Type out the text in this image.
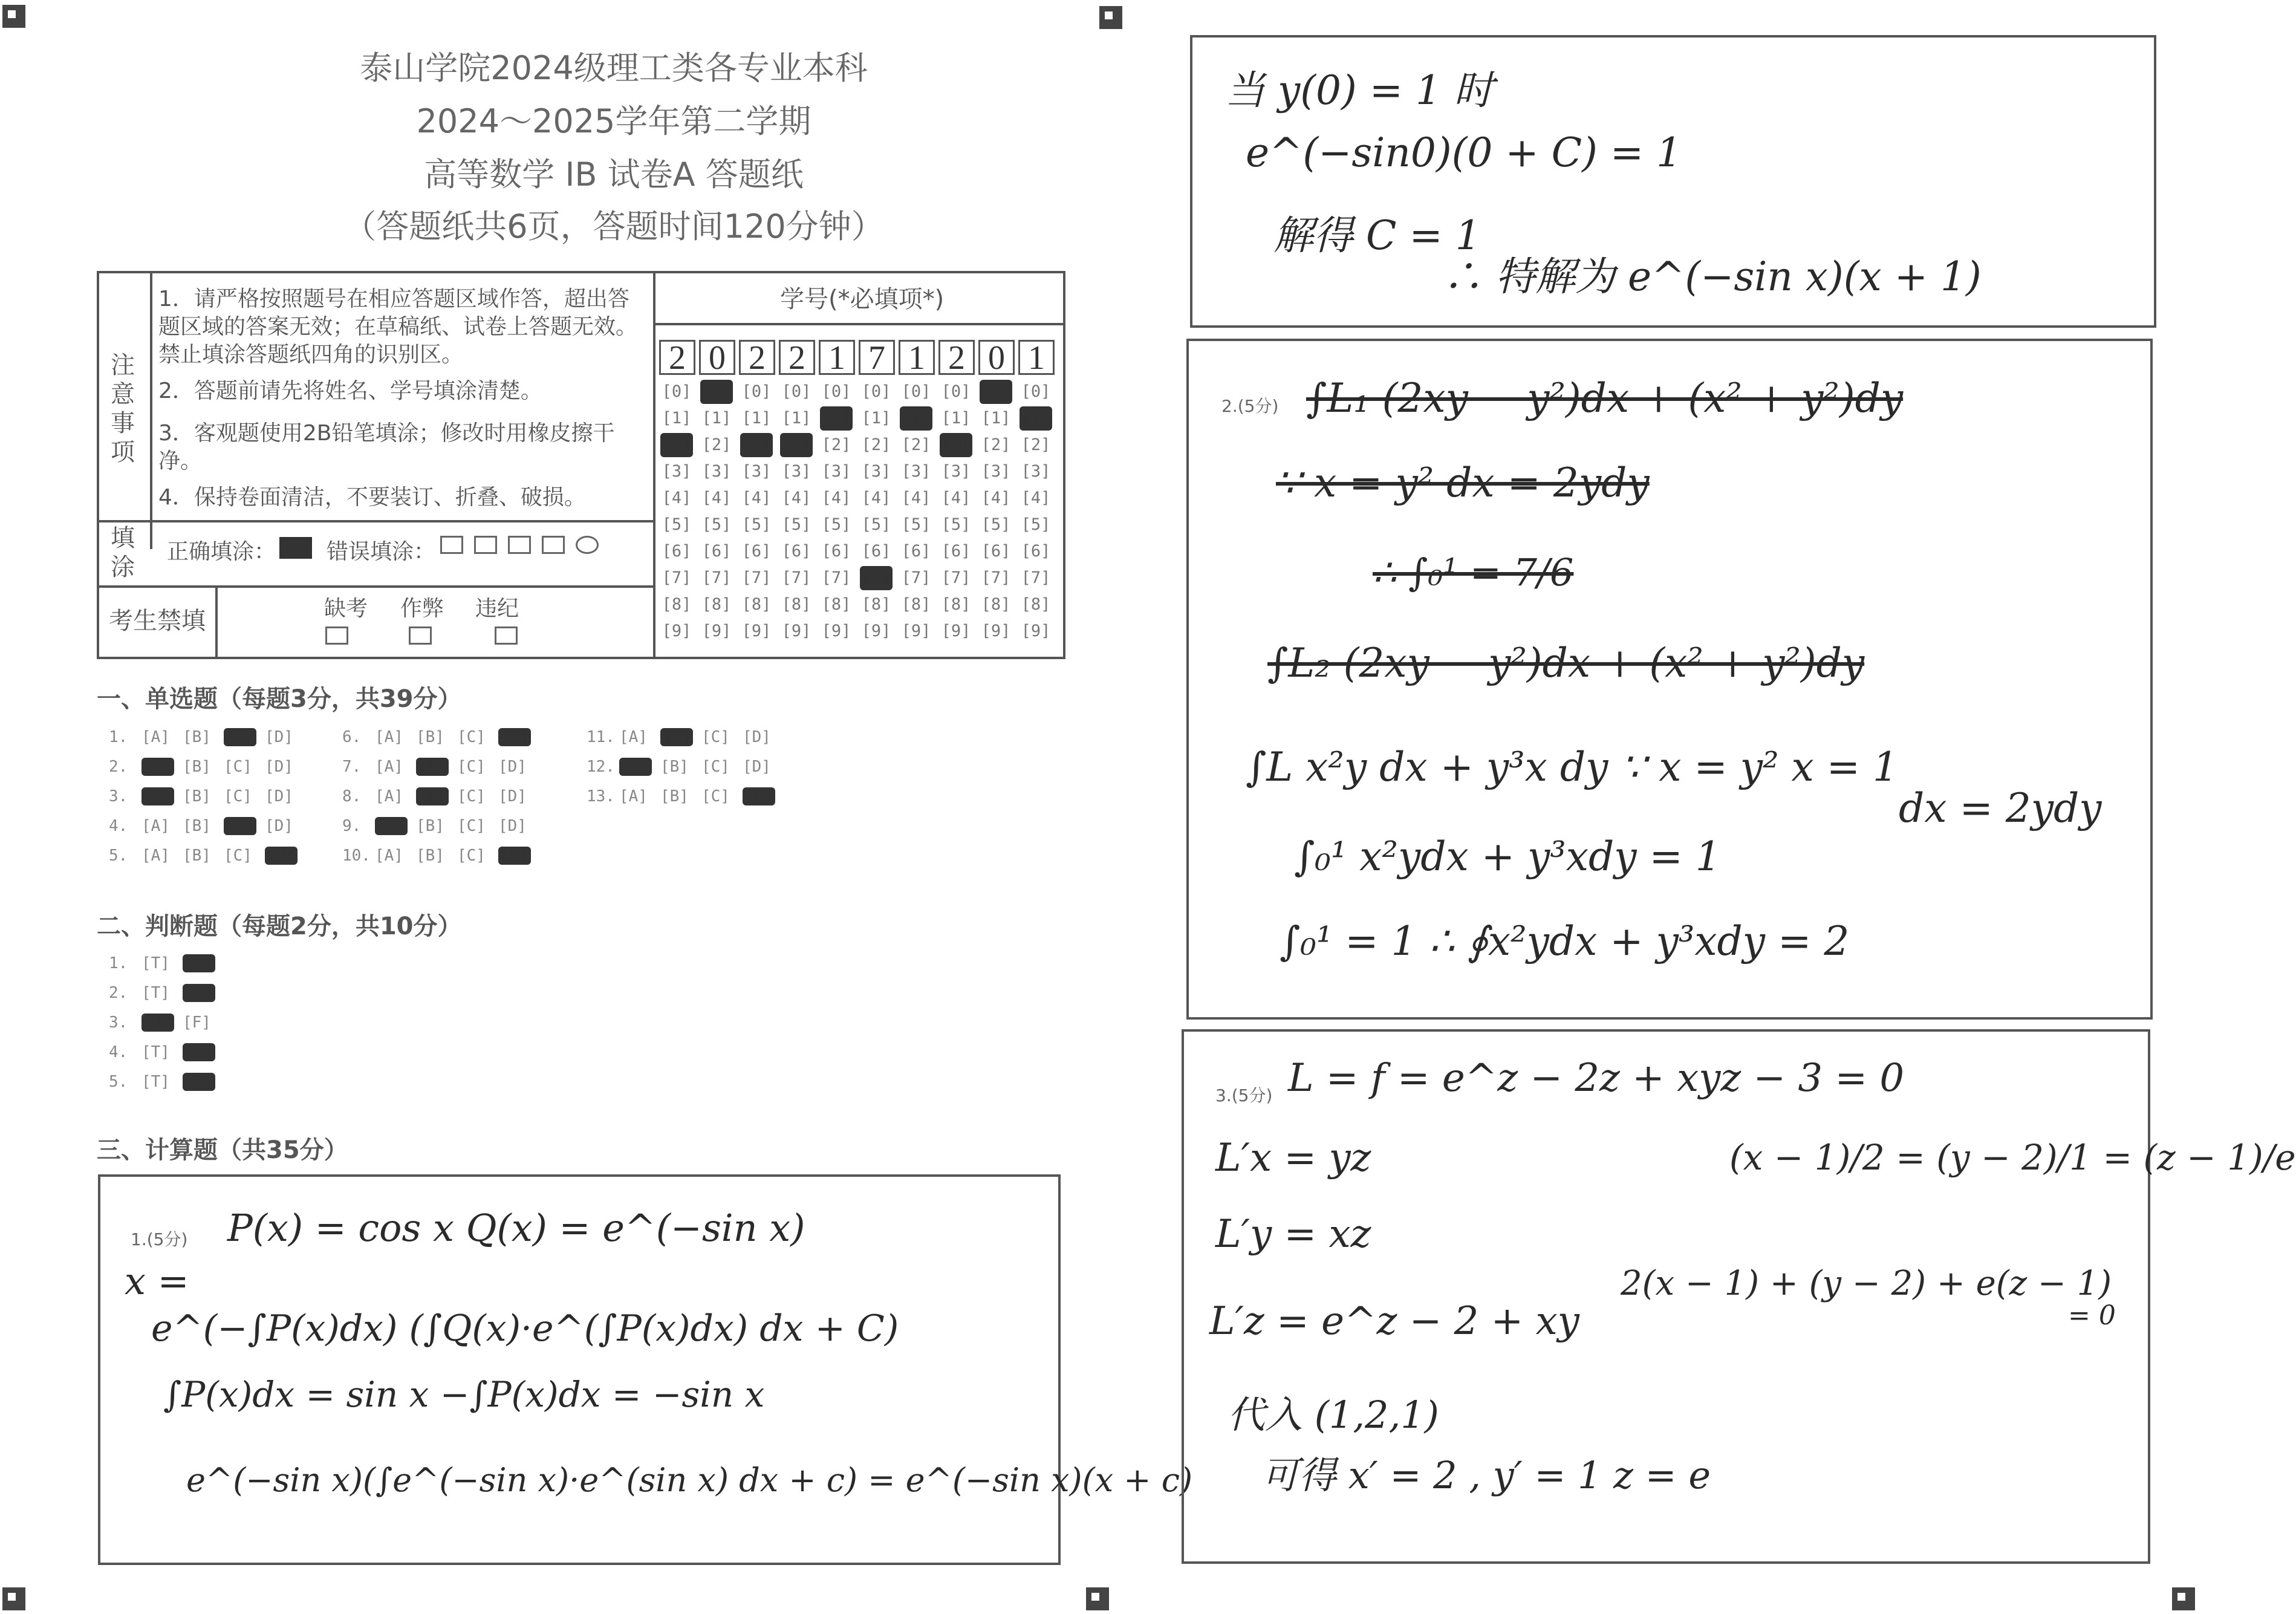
泰山学院2024级理工类各专业本科
2024～2025学年第二学期
高等数学 IB 试卷A 答题纸
（答题纸共6页，答题时间120分钟）
注意事项
1．请严格按照题号在相应答题区域作答，超出答题区域的答案无效；在草稿纸、试卷上答题无效。禁止填涂答题纸四角的识别区。
2．答题前请先将姓名、学号填涂清楚。
3．客观题使用2B铅笔填涂；修改时用橡皮擦干净。
4．保持卷面清洁，不要装订、折叠、破损。
填涂
正确填涂： 错误填涂：
考生禁填	缺考 作弊 违纪
学号(*必填项*)
2 0 2 2 1 7 1 2 0 1
[0]
[1]
[2]
[3]
[4]
[5]
[6]
[7]
[8]
[9]
[0]
[1]
[2]
[3]
[4]
[5]
[6]
[7]
[8]
[9]
[0]
[1]
[2]
[3]
[4]
[5]
[6]
[7]
[8]
[9]
[0]
[1]
[2]
[3]
[4]
[5]
[6]
[7]
[8]
[9]
[0]
[1]
[2]
[3]
[4]
[5]
[6]
[7]
[8]
[9]
[0]
[1]
[2]
[3]
[4]
[5]
[6]
[7]
[8]
[9]
[0]
[1]
[2]
[3]
[4]
[5]
[6]
[7]
[8]
[9]
[0]
[1]
[2]
[3]
[4]
[5]
[6]
[7]
[8]
[9]
[0]
[1]
[2]
[3]
[4]
[5]
[6]
[7]
[8]
[9]
[0]
[1]
[2]
[3]
[4]
[5]
[6]
[7]
[8]
[9]
一、单选题（每题3分，共39分）
二、判断题（每题2分，共10分）
三、计算题（共35分）
1. [A] [B] [C] [D]
2. [A] [B] [C] [D]
3. [A] [B] [C] [D]
4. [A] [B] [C] [D]
5. [A] [B] [C] [D]
6. [A] [B] [C] [D]
7. [A] [B] [C] [D]
8. [A] [B] [C] [D]
9. [A] [B] [C] [D]
10. [A] [B] [C] [D]
11. [A] [B] [C] [D]
12. [A] [B] [C] [D]
13. [A] [B] [C] [D]
1. [T] [F]
2. [T] [F]
3. [T] [F]
4. [T] [F]
5. [T] [F]
1.(5分) P(x) = cos x Q(x) = e^(−sin x)
x =
e^(−∫P(x)dx) (∫Q(x)·e^(∫P(x)dx) dx + C)
∫P(x)dx = sin x −∫P(x)dx = −sin x
e^(−sin x)(∫e^(−sin x)·e^(sin x) dx + c) = e^(−sin x)(x + c)
当 y(0) = 1 时
e^(−sin0)(0 + C) = 1
解得 C = 1
∴ 特解为 e^(−sin x)(x + 1)
2.(5分) ∫L₁ (2xy − y²)dx + (x² + y²)dy
∵ x = y² dx = 2ydy
∴ ∫₀¹ = 7/6
∫L₂ (2xy − y²)dx + (x² + y²)dy
∫L x²y dx + y³x dy ∵ x = y² x = 1
dx = 2ydy
∫₀¹ x²ydx + y³xdy = 1
∫₀¹ = 1 ∴ ∮x²ydx + y³xdy = 2
3.(5分) L = f = e^z − 2z + xyz − 3 = 0
L′x = yz
L′y = xz
L′z = e^z − 2 + xy
代入 (1,2,1)
可得 x′ = 2 , y′ = 1 z = e
(x − 1)/2 = (y − 2)/1 = (z − 1)/e
2(x − 1) + (y − 2) + e(z − 1)
= 0
